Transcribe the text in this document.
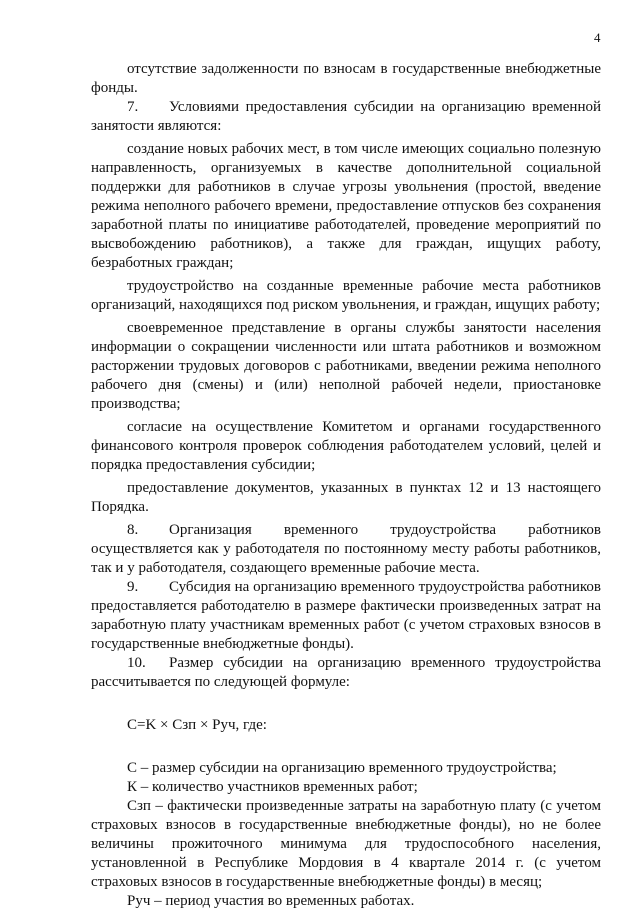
4

отсутствие задолженности по взносам в государственные внебюджетные фонды.

7. Условиями предоставления субсидии на организацию временной занятости являются:

создание новых рабочих мест, в том числе имеющих социально полезную направленность, организуемых в качестве дополнительной социальной поддержки для работников в случае угрозы увольнения (простой, введение режима неполного рабочего времени, предоставление отпусков без сохранения заработной платы по инициативе работодателей, проведение мероприятий по высвобождению работников), а также для граждан, ищущих работу, безработных граждан;

трудоустройство на созданные временные рабочие места работников организаций, находящихся под риском увольнения, и граждан, ищущих работу;

своевременное представление в органы службы занятости населения информации о сокращении численности или штата работников и возможном расторжении трудовых договоров с работниками, введении режима неполного рабочего дня (смены) и (или) неполной рабочей недели, приостановке производства;

согласие на осуществление Комитетом и органами государственного финансового контроля проверок соблюдения работодателем условий, целей и порядка предоставления субсидии;

предоставление документов, указанных в пунктах 12 и 13 настоящего Порядка.

8. Организация временного трудоустройства работников осуществляется как у работодателя по постоянному месту работы работников, так и у работодателя, создающего временные рабочие места.

9. Субсидия на организацию временного трудоустройства работников предоставляется работодателю в размере фактически произведенных затрат на заработную плату участникам временных работ (с учетом страховых взносов в государственные внебюджетные фонды).

10. Размер субсидии на организацию временного трудоустройства рассчитывается по следующей формуле:

C=K × Сзп × Руч, где:

С – размер субсидии на организацию временного трудоустройства;

К – количество участников временных работ;

Сзп – фактически произведенные затраты на заработную плату (с учетом страховых взносов в государственные внебюджетные фонды), но не более величины прожиточного минимума для трудоспособного населения, установленной в Республике Мордовия в 4 квартале 2014 г. (с учетом страховых взносов в государственные внебюджетные фонды) в месяц;

Руч – период участия во временных работах.
